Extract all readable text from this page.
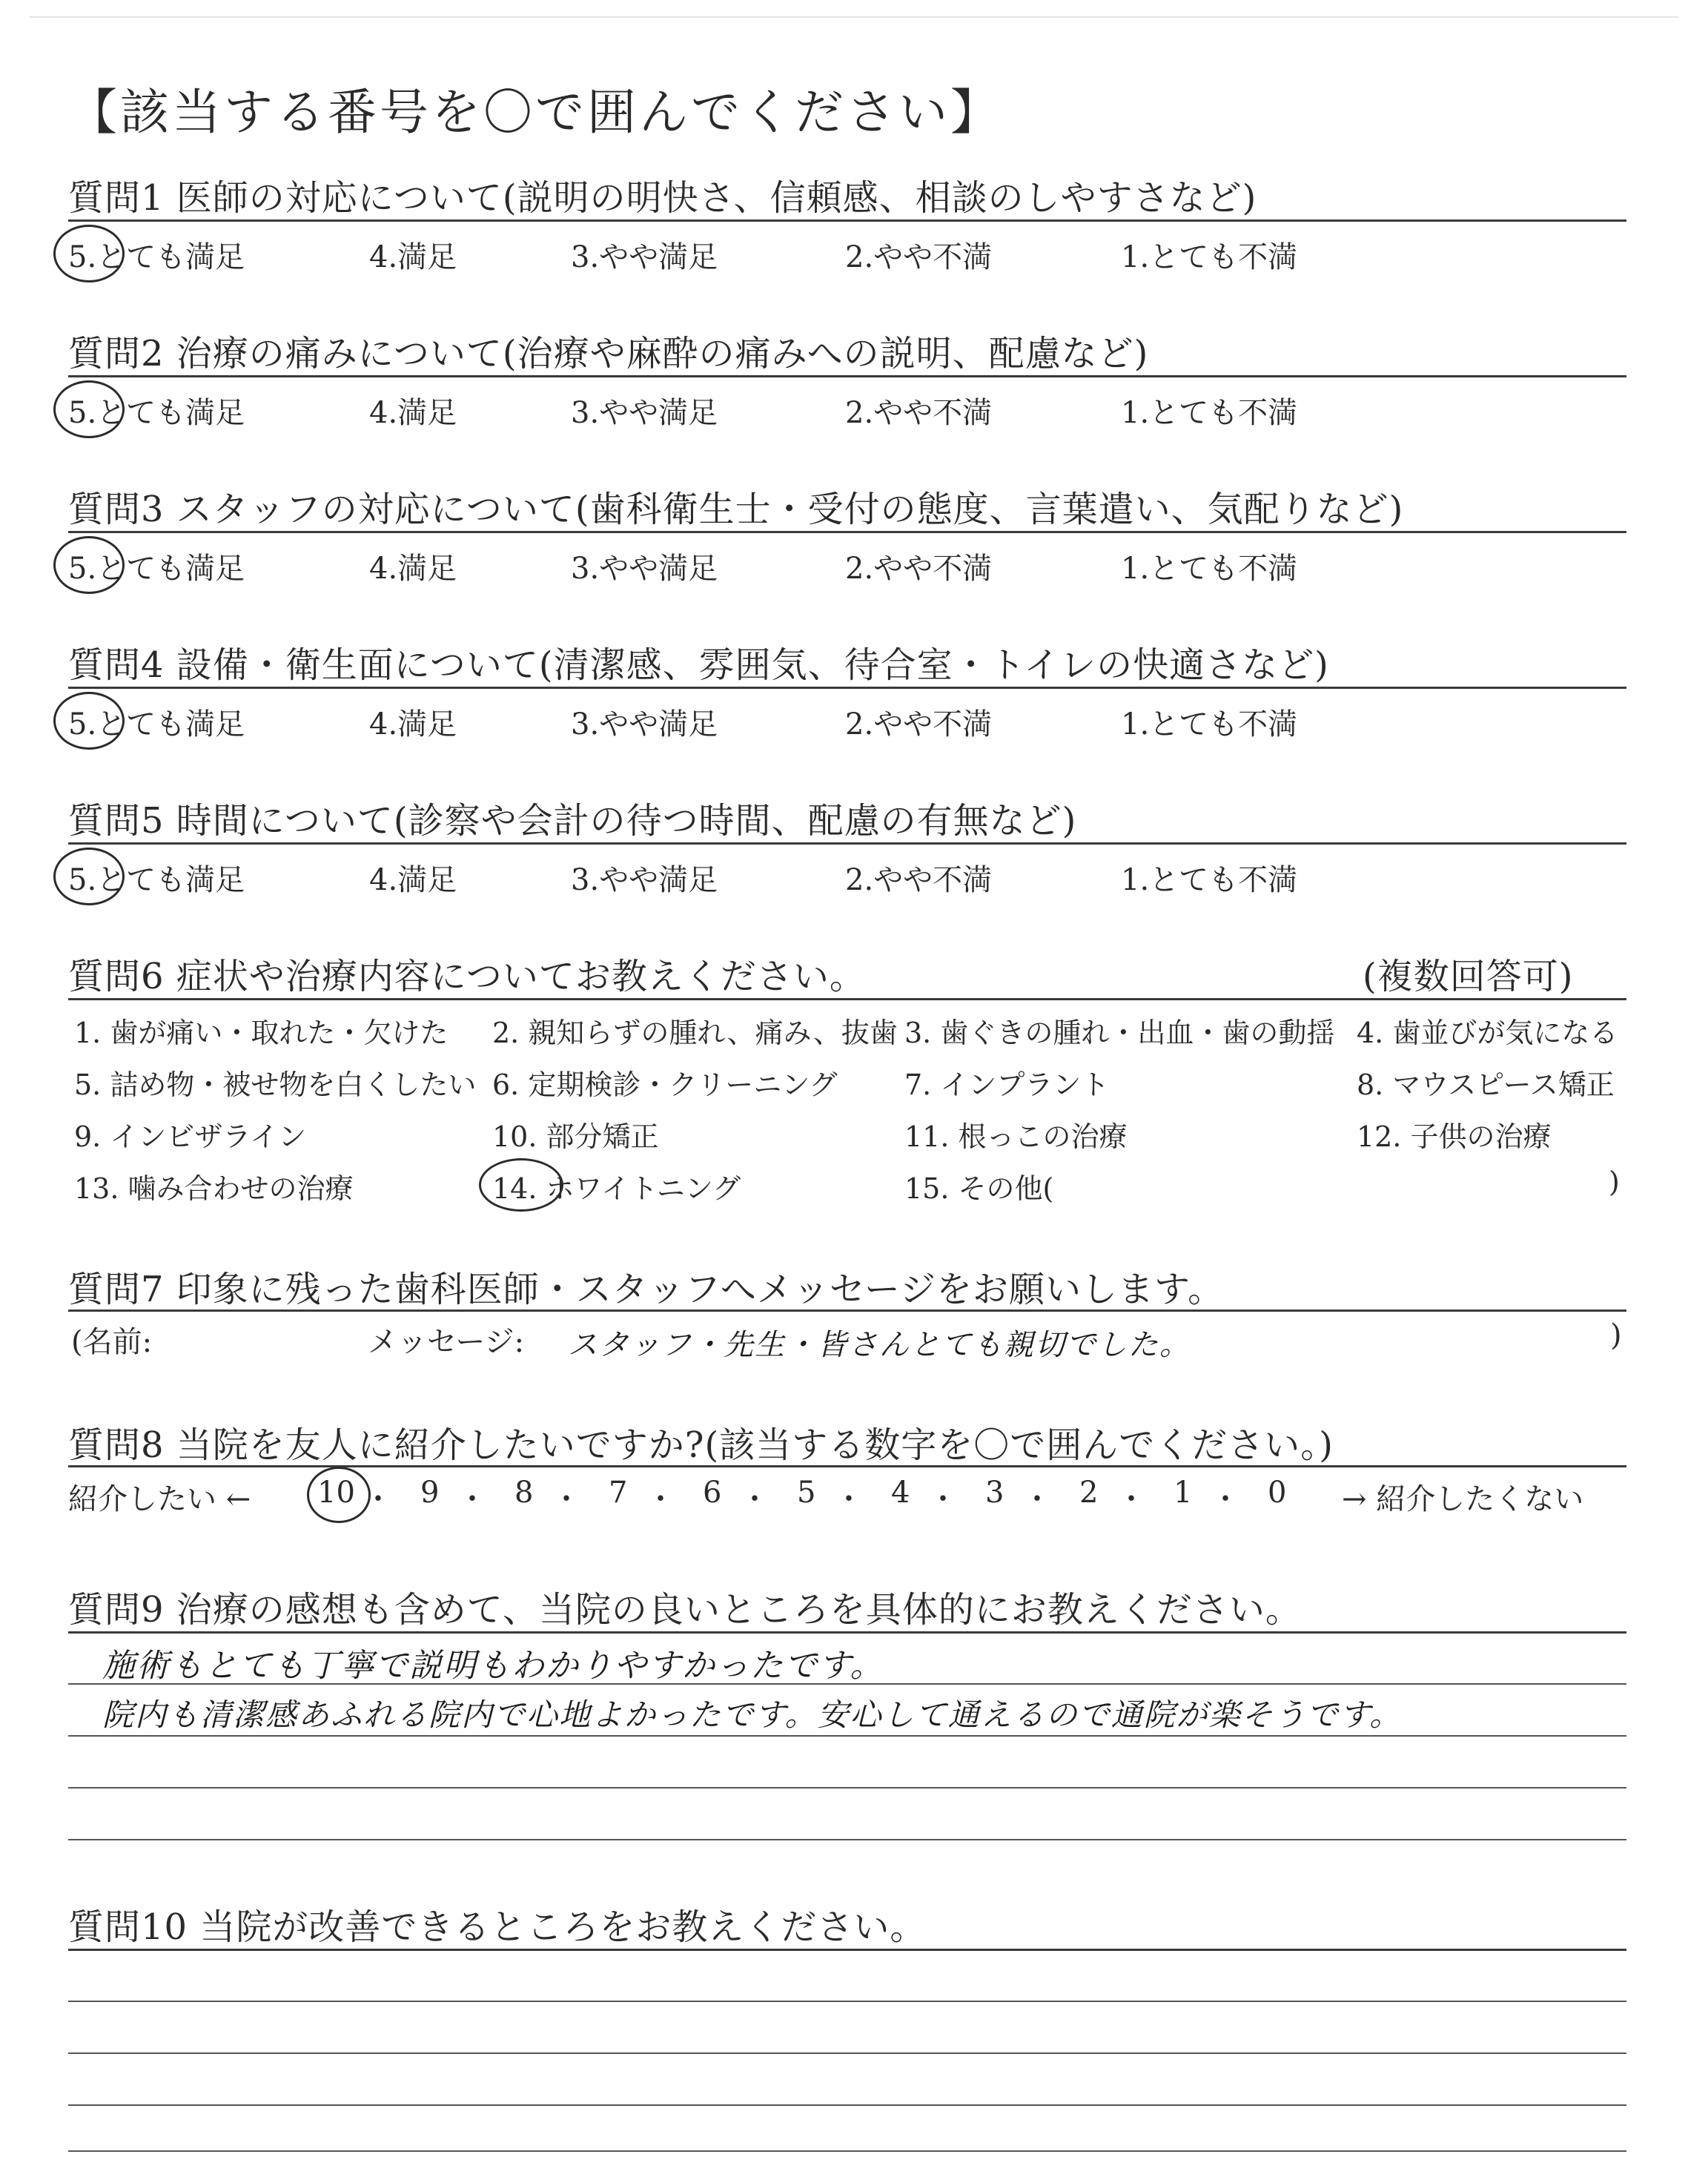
【該当する番号を〇で囲んでください】
質問1 医師の対応について(説明の明快さ、信頼感、相談のしやすさなど)
5.とても満足	4.満足	3.やや満足	2.やや不満	1.とても不満
質問2 治療の痛みについて(治療や麻酔の痛みへの説明、配慮など)
5.とても満足	4.満足	3.やや満足	2.やや不満	1.とても不満
質問3 スタッフの対応について(歯科衛生士・受付の態度、言葉遣い、気配りなど)
5.とても満足	4.満足	3.やや満足	2.やや不満	1.とても不満
質問4 設備・衛生面について(清潔感、雰囲気、待合室・トイレの快適さなど)
5.とても満足	4.満足	3.やや満足	2.やや不満	1.とても不満
質問5 時間について(診察や会計の待つ時間、配慮の有無など)
5.とても満足	4.満足	3.やや満足	2.やや不満	1.とても不満
質問6 症状や治療内容についてお教えください。	(複数回答可)
1. 歯が痛い・取れた・欠けた 2. 親知らずの腫れ、痛み、抜歯 3. 歯ぐきの腫れ・出血・歯の動揺 4. 歯並びが気になる
5. 詰め物・被せ物を白くしたい 6. 定期検診・クリーニング 7. インプラント	8. マウスピース矯正
9. インビザライン	10. 部分矯正	11. 根っこの治療	12. 子供の治療
13. 噛み合わせの治療	14. ホワイトニング	15. その他(	)
質問7 印象に残った歯科医師・スタッフへメッセージをお願いします。
(名前:	メッセージ: スタッフ・先生・皆さんとても親切でした。	)
質問8 当院を友人に紹介したいですか?(該当する数字を〇で囲んでください。)
紹介したい ← 10 ・ 9 ・ 8 ・ 7 ・ 6 ・ 5 ・ 4 ・ 3 ・ 2 ・ 1 ・ 0 → 紹介したくない
質問9 治療の感想も含めて、当院の良いところを具体的にお教えください。
施術もとても丁寧で説明もわかりやすかったです。
院内も清潔感あふれる院内で心地よかったです。安心して通えるので通院が楽そうです。
質問10 当院が改善できるところをお教えください。
